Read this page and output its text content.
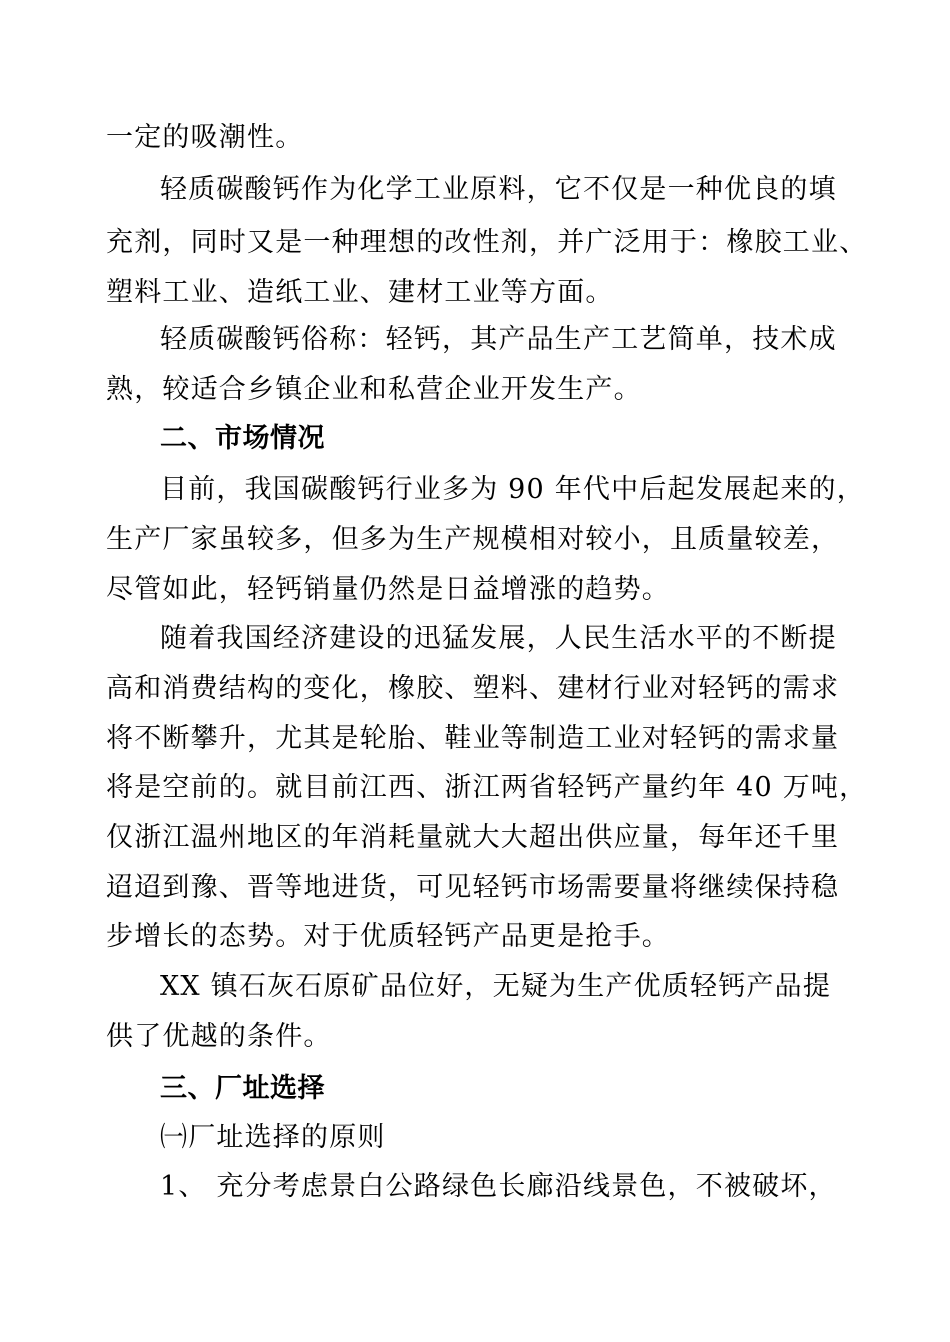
一定的吸潮性。
轻质碳酸钙作为化学工业原料，它不仅是一种优良的填
充剂，同时又是一种理想的改性剂，并广泛用于：橡胶工业、
塑料工业、造纸工业、建材工业等方面。
轻质碳酸钙俗称：轻钙，其产品生产工艺简单，技术成
熟，较适合乡镇企业和私营企业开发生产。
二、市场情况
目前，我国碳酸钙行业多为 90 年代中后起发展起来的，
生产厂家虽较多，但多为生产规模相对较小，且质量较差，
尽管如此，轻钙销量仍然是日益增涨的趋势。
随着我国经济建设的迅猛发展，人民生活水平的不断提
高和消费结构的变化，橡胶、塑料、建材行业对轻钙的需求
将不断攀升，尤其是轮胎、鞋业等制造工业对轻钙的需求量
将是空前的。就目前江西、浙江两省轻钙产量约年 40 万吨，
仅浙江温州地区的年消耗量就大大超出供应量，每年还千里
迢迢到豫、晋等地进货，可见轻钙市场需要量将继续保持稳
步增长的态势。对于优质轻钙产品更是抢手。
XX 镇石灰石原矿品位好，无疑为生产优质轻钙产品提
供了优越的条件。
三、厂址选择
㈠厂址选择的原则
1、 充分考虑景白公路绿色长廊沿线景色，不被破坏，
